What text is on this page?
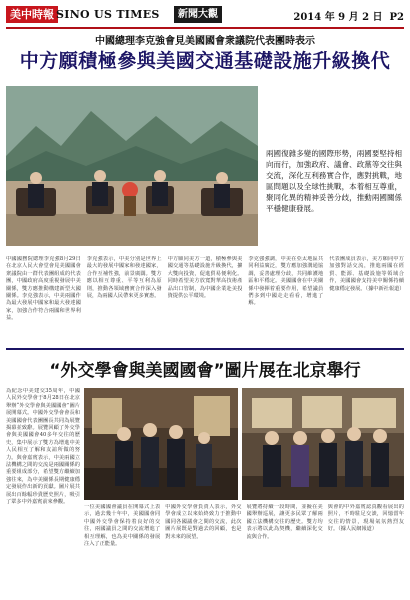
美中時報 SINO US TIMES	新聞大觀	2014 年 9 月 2 日 P2
中國總理李克強會見美國國會衆議院代表團時表示
中方願積極參與美國交通基礎設施升級換代
兩國復雜多變的國際形勢，兩國要堅持相向而行，加強政府、議會、政黨等交往與交流，深化互利務實合作，應對挑戰，地區問題以及全球性挑戰，本着相互尊重，聚同化異的精神妥善分歧，推動兩國關係平穩健康發展。
中國國務院總理李克強8月29日在北京人民大會堂會見美國國會衆議院由一群代表團組成的代表團，中國政府高度重視發展中美關係，雙方應推動構建新型大國關係。李克強表示，中美兩國作為最大發展中國家和最大發達國家，加強合作符合兩國和世界利益。
李克強表示，中美分別是世界上最大的發展中國家和發達國家，合作互補性強，前景廣闊。雙方應以相互尊重、平等互利為原則，推動各領域務實合作深入發展，為兩國人民帶來更多實惠。
中方願同美方一道，積極參與美國交通等基礎設施升級換代，擴大雙向投資，促進貿易便利化。同時希望美方放寬對華高技術產品出口管制，為中國企業赴美投資提供公平環境。
李克強強調，中美在亞太地區共同利益廣泛，雙方應加強溝通協調，妥善處理分歧，共同維護地區和平穩定。美國國會在中美關係中發揮着重要作用，希望議員們多到中國走走看看，增進了解。
代表團成員表示，美方願同中方加強對話交流，推進兩國在經貿、能源、基礎設施等領域合作，美國國會支持美中關係持續健康穩定發展。（據中新社報道）
“外交學會與美國國會”圖片展在北京舉行
為紀念中美建交35周年，中國人民外交學會于8月28日在北京舉辦“外交學會與美國國會”圖片展開幕式。中國外交學會會長和美國國會代表團團長共同為展覽揭幕並致辭。展覽回顧了外交學會與美國國會40多年交往的歷史，集中展示了雙方為增進中美人民相互了解和友誼所做的努力。與會嘉賓表示，中美兩國立法機構之間的交流是兩國關係的重要組成部分，希望雙方繼續加強往來，為中美關係長期健康穩定發展作出新的貢獻。圖片展共展出百餘幅珍貴歷史照片，吸引了眾多中外嘉賓前來參觀。
一位美國國會議員在開幕式上表示，過去幾十年中，美國國會同中國外交學會保持着良好的交往，兩國議員之間的交流增進了相互理解，也為美中關係的發展注入了正能量。
中國外交學會負責人表示，外交學會成立以來始終致力于推動中國同各國議會之間的交流，此次圖片展既是對過去的回顧，也是對未來的展望。
展覽將持續一段時間，並擬在美國舉辦巡展，讓更多民眾了解兩國立法機構交往的歷史。雙方均表示將以此為契機，繼續深化交流與合作。
與會的中外嘉賓認真觀看展出的照片，不時駐足交談，回憶當年交往的情景，現場氣氛熱烈友好。（據人民網報道）
